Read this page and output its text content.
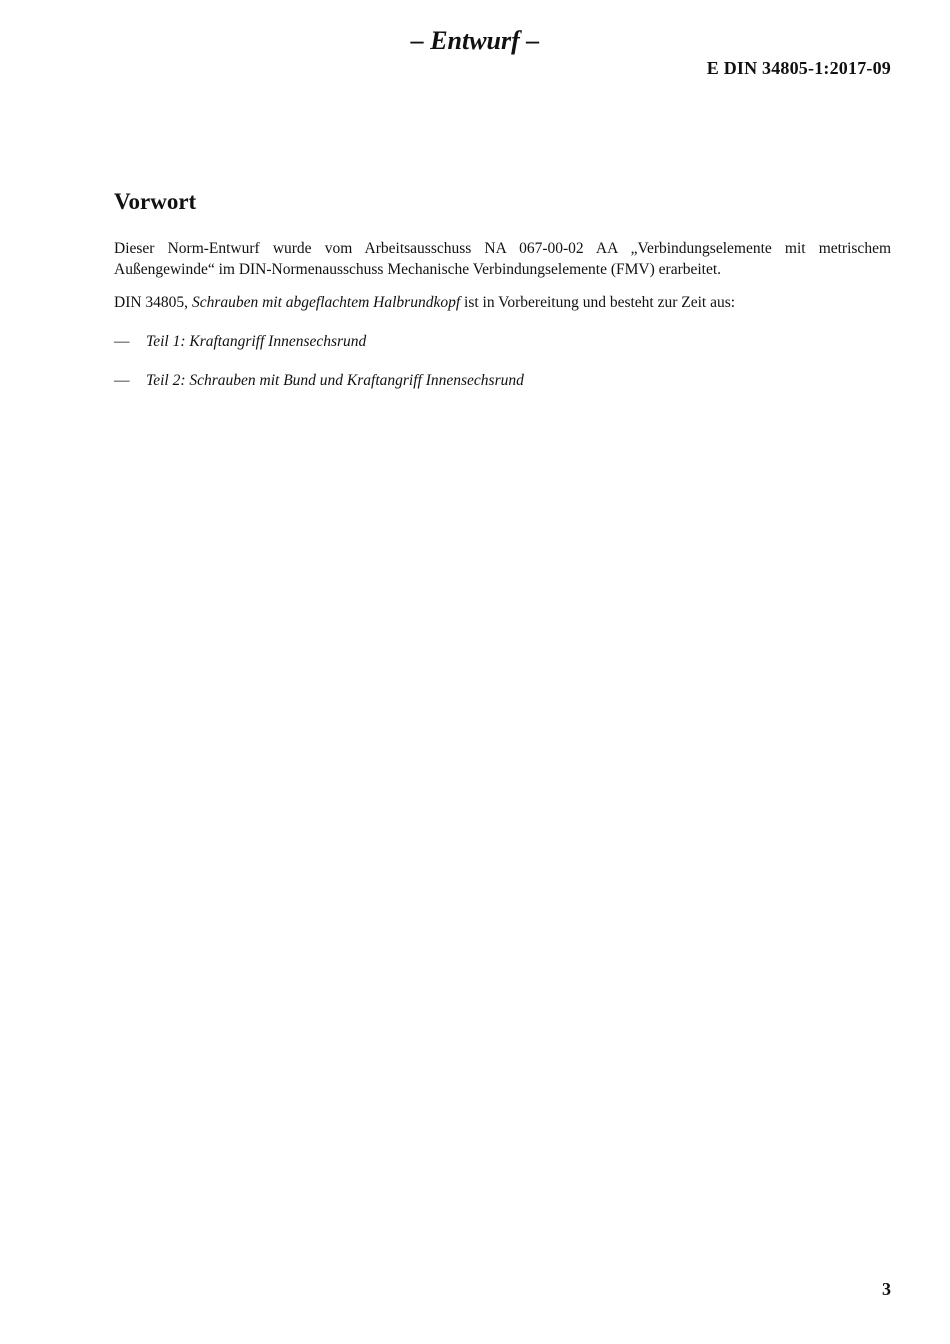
– Entwurf –
E DIN 34805-1:2017-09
Vorwort

Dieser Norm-Entwurf wurde vom Arbeitsausschuss NA 067-00-02 AA „Verbindungselemente mit metrischem Außengewinde“ im DIN-Normenausschuss Mechanische Verbindungselemente (FMV) erarbeitet.

DIN 34805, Schrauben mit abgeflachtem Halbrundkopf ist in Vorbereitung und besteht zur Zeit aus:

—	Teil 1: Kraftangriff Innensechsrund
—	Teil 2: Schrauben mit Bund und Kraftangriff Innensechsrund
3
